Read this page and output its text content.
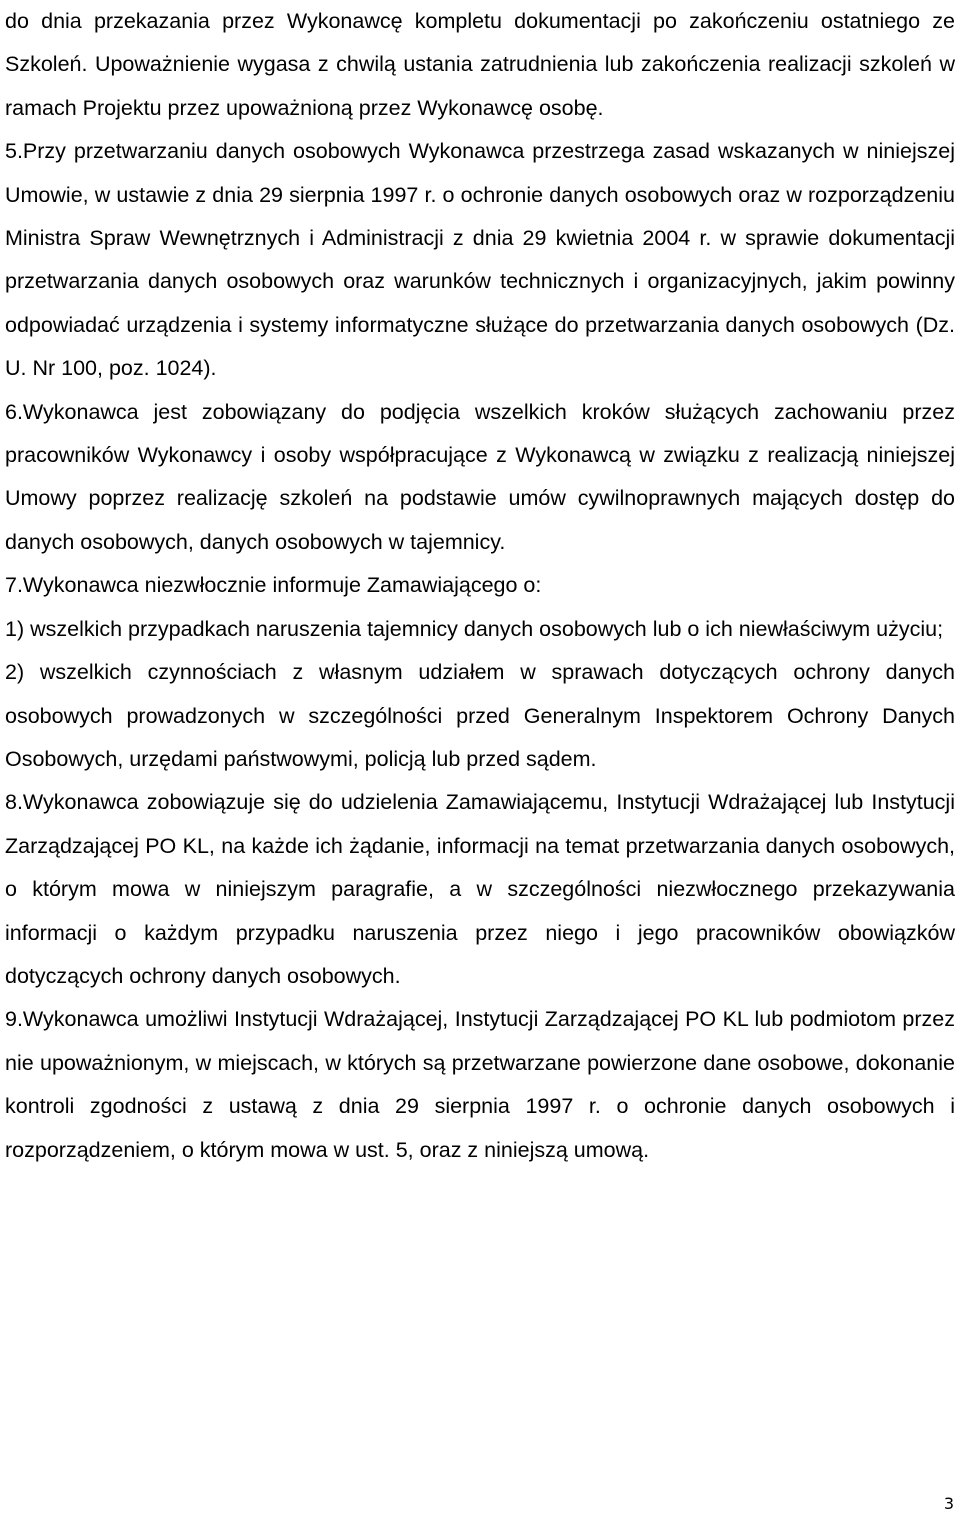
do dnia przekazania przez Wykonawcę kompletu dokumentacji po zakończeniu ostatniego ze Szkoleń. Upoważnienie wygasa z chwilą ustania zatrudnienia lub zakończenia realizacji szkoleń w ramach Projektu przez upoważnioną przez Wykonawcę osobę.

5.Przy przetwarzaniu danych osobowych Wykonawca przestrzega zasad wskazanych w niniejszej Umowie, w ustawie z dnia 29 sierpnia 1997 r. o ochronie danych osobowych oraz w rozporządzeniu Ministra Spraw Wewnętrznych i Administracji z dnia 29 kwietnia 2004 r. w sprawie dokumentacji przetwarzania danych osobowych oraz warunków technicznych i organizacyjnych, jakim powinny odpowiadać urządzenia i systemy informatyczne służące do przetwarzania danych osobowych (Dz. U. Nr 100, poz. 1024).

6.Wykonawca jest zobowiązany do podjęcia wszelkich kroków służących zachowaniu przez pracowników Wykonawcy i osoby współpracujące z Wykonawcą w związku z realizacją niniejszej Umowy poprzez realizację szkoleń na podstawie umów cywilnoprawnych mających dostęp do danych osobowych, danych osobowych w tajemnicy.

7.Wykonawca niezwłocznie informuje Zamawiającego o:

1) wszelkich przypadkach naruszenia tajemnicy danych osobowych lub o ich niewłaściwym użyciu;

2) wszelkich czynnościach z własnym udziałem w sprawach dotyczących ochrony danych osobowych prowadzonych w szczególności przed Generalnym Inspektorem Ochrony Danych Osobowych, urzędami państwowymi, policją lub przed sądem.

8.Wykonawca zobowiązuje się do udzielenia Zamawiającemu, Instytucji Wdrażającej lub Instytucji Zarządzającej PO KL, na każde ich żądanie, informacji na temat przetwarzania danych osobowych, o którym mowa w niniejszym paragrafie, a w szczególności niezwłocznego przekazywania informacji o każdym przypadku naruszenia przez niego i jego pracowników obowiązków dotyczących ochrony danych osobowych.

9.Wykonawca umożliwi Instytucji Wdrażającej, Instytucji Zarządzającej PO KL lub podmiotom przez nie upoważnionym, w miejscach, w których są przetwarzane powierzone dane osobowe, dokonanie kontroli zgodności z ustawą z dnia 29 sierpnia 1997 r. o ochronie danych osobowych i rozporządzeniem, o którym mowa w ust. 5, oraz z niniejszą umową.

3
